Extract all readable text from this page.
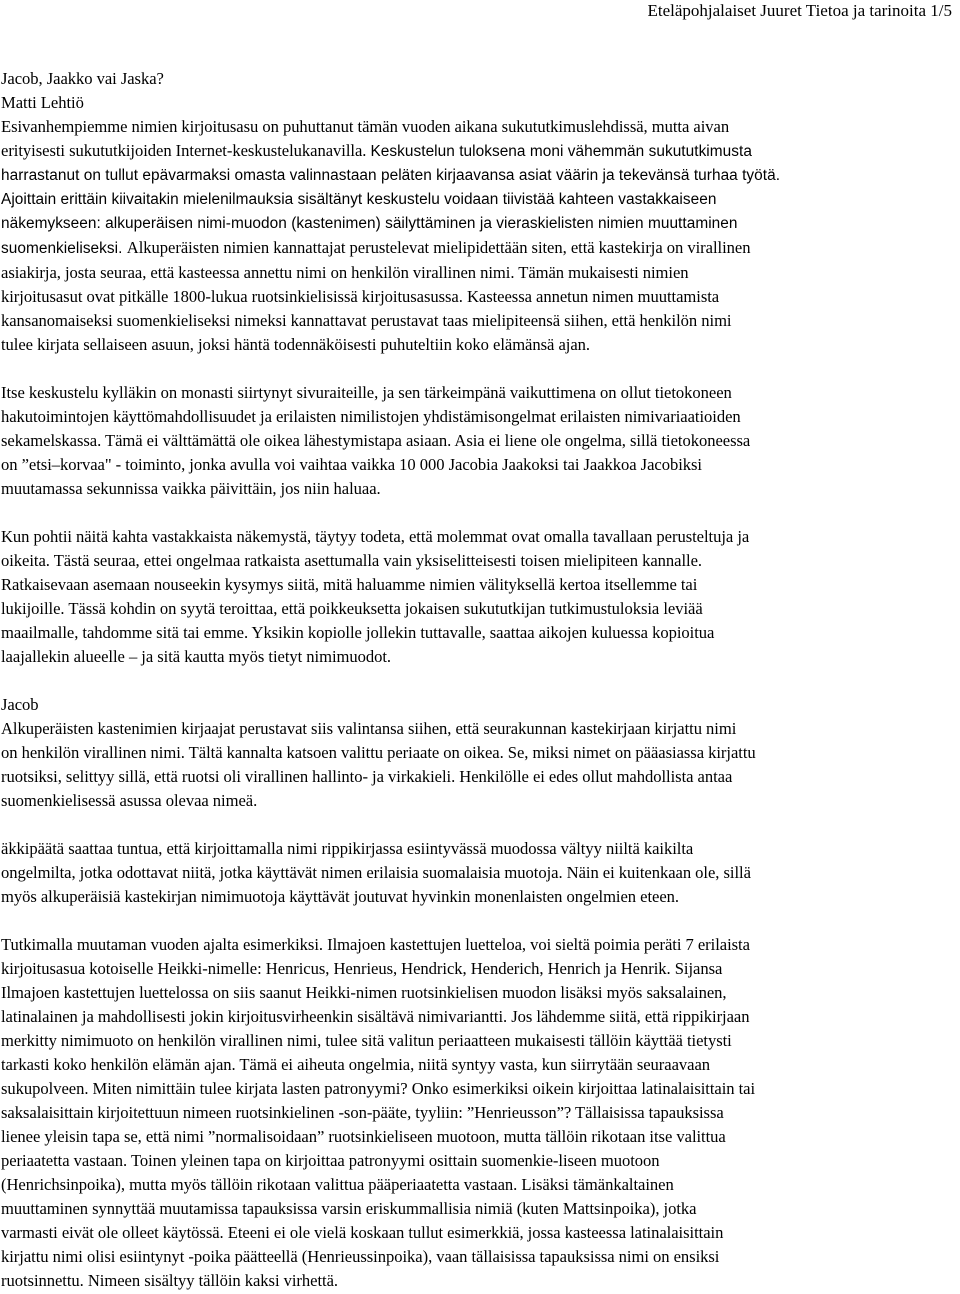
Eteläpohjalaiset Juuret Tietoa ja tarinoita 1/5
Jacob, Jaakko vai Jaska?
Matti Lehtiö
Esivanhempiemme nimien kirjoitusasu on puhuttanut tämän vuoden aikana sukututkimuslehdissä, mutta aivan
erityisesti sukututkijoiden Internet-keskustelukanavilla. Keskustelun tuloksena moni vähemmän sukututkimusta
harrastanut on tullut epävarmaksi omasta valinnastaan peläten kirjaavansa asiat väärin ja tekevänsä turhaa työtä.
Ajoittain erittäin kiivaitakin mielenilmauksia sisältänyt keskustelu voidaan tiivistää kahteen vastakkaiseen
näkemykseen: alkuperäisen nimi-muodon (kastenimen) säilyttäminen ja vieraskielisten nimien muuttaminen
suomenkieliseksi. Alkuperäisten nimien kannattajat perustelevat mielipidettään siten, että kastekirja on virallinen
asiakirja, josta seuraa, että kasteessa annettu nimi on henkilön virallinen nimi. Tämän mukaisesti nimien
kirjoitusasut ovat pitkälle 1800-lukua ruotsinkielisissä kirjoitusasussa. Kasteessa annetun nimen muuttamista
kansanomaiseksi suomenkieliseksi nimeksi kannattavat perustavat taas mielipiteensä siihen, että henkilön nimi
tulee kirjata sellaiseen asuun, joksi häntä todennäköisesti puhuteltiin koko elämänsä ajan.
Itse keskustelu kylläkin on monasti siirtynyt sivuraiteille, ja sen tärkeimpänä vaikuttimena on ollut tietokoneen
hakutoimintojen käyttömahdollisuudet ja erilaisten nimilistojen yhdistämisongelmat erilaisten nimivariaatioiden
sekamelskassa. Tämä ei välttämättä ole oikea lähestymistapa asiaan. Asia ei liene ole ongelma, sillä tietokoneessa
on ”etsi–korvaa" - toiminto, jonka avulla voi vaihtaa vaikka 10 000 Jacobia Jaakoksi tai Jaakkoa Jacobiksi
muutamassa sekunnissa vaikka päivittäin, jos niin haluaa.
Kun pohtii näitä kahta vastakkaista näkemystä, täytyy todeta, että molemmat ovat omalla tavallaan perusteltuja ja
oikeita. Tästä seuraa, ettei ongelmaa ratkaista asettumalla vain yksiselitteisesti toisen mielipiteen kannalle.
Ratkaisevaan asemaan nouseekin kysymys siitä, mitä haluamme nimien välityksellä kertoa itsellemme tai
lukijoille. Tässä kohdin on syytä teroittaa, että poikkeuksetta jokaisen sukututkijan tutkimustuloksia leviää
maailmalle, tahdomme sitä tai emme. Yksikin kopiolle jollekin tuttavalle, saattaa aikojen kuluessa kopioitua
laajallekin alueelle – ja sitä kautta myös tietyt nimimuodot.
Jacob
Alkuperäisten kastenimien kirjaajat perustavat siis valintansa siihen, että seurakunnan kastekirjaan kirjattu nimi
on henkilön virallinen nimi. Tältä kannalta katsoen valittu periaate on oikea. Se, miksi nimet on pääasiassa kirjattu
ruotsiksi, selittyy sillä, että ruotsi oli virallinen hallinto- ja virkakieli. Henkilölle ei edes ollut mahdollista antaa
suomenkielisessä asussa olevaa nimeä.
äkkipäätä saattaa tuntua, että kirjoittamalla nimi rippikirjassa esiintyvässä muodossa vältyy niiltä kaikilta
ongelmilta, jotka odottavat niitä, jotka käyttävät nimen erilaisia suomalaisia muotoja. Näin ei kuitenkaan ole, sillä
myös alkuperäisiä kastekirjan nimimuotoja käyttävät joutuvat hyvinkin monenlaisten ongelmien eteen.
Tutkimalla muutaman vuoden ajalta esimerkiksi. Ilmajoen kastettujen luetteloa, voi sieltä poimia peräti 7 erilaista
kirjoitusasua kotoiselle Heikki-nimelle: Henricus, Henrieus, Hendrick, Henderich, Henrich ja Henrik. Sijansa
Ilmajoen kastettujen luettelossa on siis saanut Heikki-nimen ruotsinkielisen muodon lisäksi myös saksalainen,
latinalainen ja mahdollisesti jokin kirjoitusvirheenkin sisältävä nimivariantti. Jos lähdemme siitä, että rippikirjaan
merkitty nimimuoto on henkilön virallinen nimi, tulee sitä valitun periaatteen mukaisesti tällöin käyttää tietysti
tarkasti koko henkilön elämän ajan. Tämä ei aiheuta ongelmia, niitä syntyy vasta, kun siirrytään seuraavaan
sukupolveen. Miten nimittäin tulee kirjata lasten patronyymi? Onko esimerkiksi oikein kirjoittaa latinalaisittain tai
saksalaisittain kirjoitettuun nimeen ruotsinkielinen -son-pääte, tyyliin: ”Henrieusson”? Tällaisissa tapauksissa
lienee yleisin tapa se, että nimi ”normalisoidaan” ruotsinkieliseen muotoon, mutta tällöin rikotaan itse valittua
periaatetta vastaan. Toinen yleinen tapa on kirjoittaa patronyymi osittain suomenkie-liseen muotoon
(Henrichsinpoika), mutta myös tällöin rikotaan valittua pääperiaatetta vastaan. Lisäksi tämänkaltainen
muuttaminen synnyttää muutamissa tapauksissa varsin eriskummallisia nimiä (kuten Mattsinpoika), jotka
varmasti eivät ole olleet käytössä. Eteeni ei ole vielä koskaan tullut esimerkkiä, jossa kasteessa latinalaisittain
kirjattu nimi olisi esiintynyt -poika päätteellä (Henrieussinpoika), vaan tällaisissa tapauksissa nimi on ensiksi
ruotsinnettu. Nimeen sisältyy tällöin kaksi virhettä.
